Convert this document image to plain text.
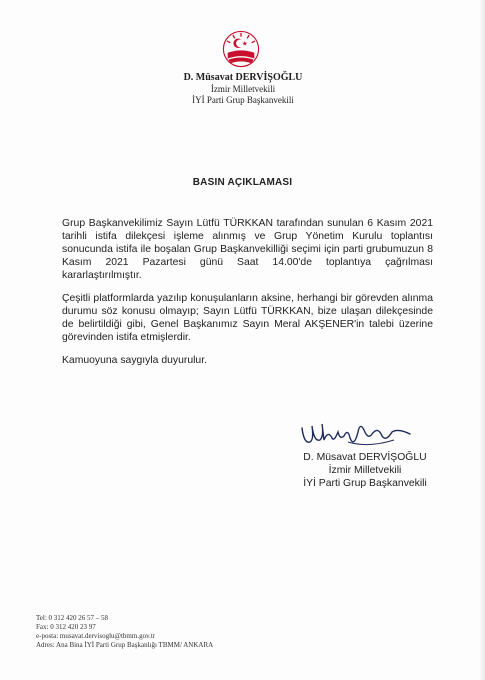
D. Müsavat DERVİŞOĞLU
İzmir Milletvekili
İYİ Parti Grup Başkanvekili
BASIN AÇIKLAMASI

Grup Başkanvekilimiz Sayın Lütfü TÜRKKAN tarafından sunulan 6 Kasım 2021 tarihli istifa dilekçesi işleme alınmış ve Grup Yönetim Kurulu toplantısı sonucunda istifa ile boşalan Grup Başkanvekilliği seçimi için parti grubumuzun 8 Kasım 2021 Pazartesi günü Saat 14.00'de toplantıya çağrılması kararlaştırılmıştır.

Çeşitli platformlarda yazılıp konuşulanların aksine, herhangi bir görevden alınma durumu söz konusu olmayıp; Sayın Lütfü TÜRKKAN, bize ulaşan dilekçesinde de belirtildiği gibi, Genel Başkanımız Sayın Meral AKŞENER'in talebi üzerine görevinden istifa etmişlerdir.

Kamuoyuna saygıyla duyurulur.

D. Müsavat DERVİŞOĞLU
İzmir Milletvekili
İYİ Parti Grup Başkanvekili
Tel: 0 312 420 26 57 – 58
Fax: 0 312 420 23 97
e-posta: musavat.dervisoglu@tbmm.gov.tr
Adres: Ana Bina İYİ Parti Grup Başkanlığı TBMM/ ANKARA
